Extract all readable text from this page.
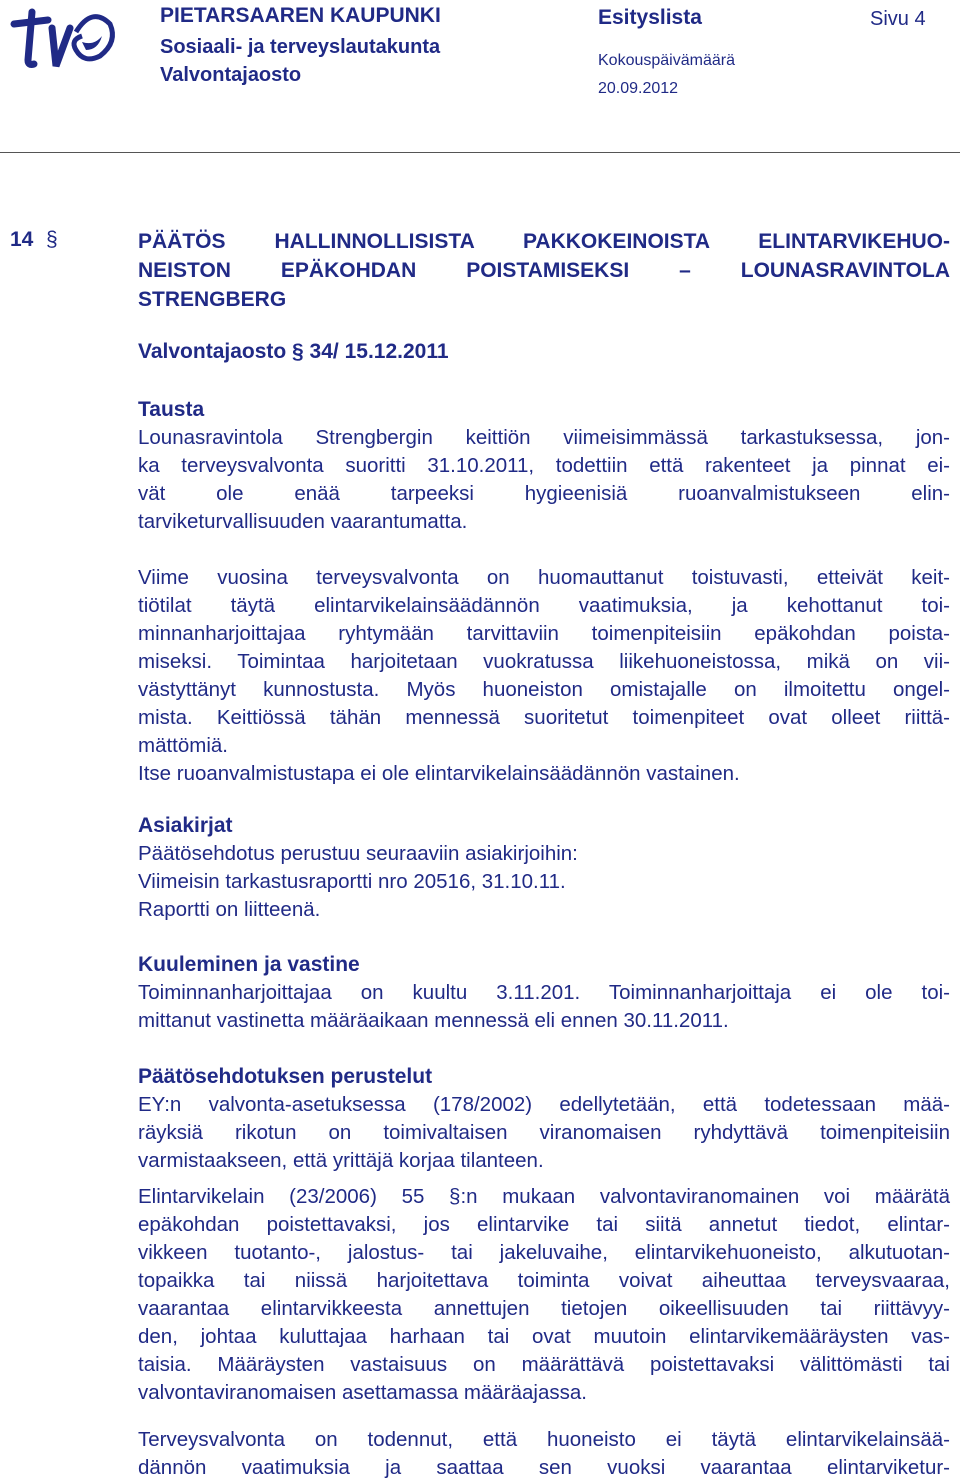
PIETARSAAREN KAUPUNKI
Sosiaali- ja terveyslautakunta
Valvontajaosto
Esityslista	Sivu 4
Kokouspäivämäärä
20.09.2012
14 §	PÄÄTÖS HALLINNOLLISISTA PAKKOKEINOISTA ELINTARVIKEHUO-
NEISTON EPÄKOHDAN POISTAMISEKSI – LOUNASRAVINTOLA
STRENGBERG
Valvontajaosto § 34/ 15.12.2011
Tausta
Lounasravintola Strengbergin keittiön viimeisimmässä tarkastuksessa, jon-
ka terveysvalvonta suoritti 31.10.2011, todettiin että rakenteet ja pinnat ei-
vät ole enää tarpeeksi hygieenisiä ruoanvalmistukseen elin-
tarviketurvallisuuden vaarantumatta.
Viime vuosina terveysvalvonta on huomauttanut toistuvasti, etteivät keit-
tiötilat täytä elintarvikelainsäädännön vaatimuksia, ja kehottanut toi-
minnanharjoittajaa ryhtymään tarvittaviin toimenpiteisiin epäkohdan poista-
miseksi. Toimintaa harjoitetaan vuokratussa liikehuoneistossa, mikä on vii-
västyttänyt kunnostusta. Myös huoneiston omistajalle on ilmoitettu ongel-
mista. Keittiössä tähän mennessä suoritetut toimenpiteet ovat olleet riittä-
mättömiä.
Itse ruoanvalmistustapa ei ole elintarvikelainsäädännön vastainen.
Asiakirjat
Päätösehdotus perustuu seuraaviin asiakirjoihin:
Viimeisin tarkastusraportti nro 20516, 31.10.11.
Raportti on liitteenä.
Kuuleminen ja vastine
Toiminnanharjoittajaa on kuultu 3.11.201. Toiminnanharjoittaja ei ole toi-
mittanut vastinetta määräaikaan mennessä eli ennen 30.11.2011.
Päätösehdotuksen perustelut
EY:n valvonta-asetuksessa (178/2002) edellytetään, että todetessaan mää-
räyksiä rikotun on toimivaltaisen viranomaisen ryhdyttävä toimenpiteisiin
varmistaakseen, että yrittäjä korjaa tilanteen.
Elintarvikelain (23/2006) 55 §:n mukaan valvontaviranomainen voi määrätä
epäkohdan poistettavaksi, jos elintarvike tai siitä annetut tiedot, elintar-
vikkeen tuotanto-, jalostus- tai jakeluvaihe, elintarvikehuoneisto, alkutuotan-
topaikka tai niissä harjoitettava toiminta voivat aiheuttaa terveysvaaraa,
vaarantaa elintarvikkeesta annettujen tietojen oikeellisuuden tai riittävyy-
den, johtaa kuluttajaa harhaan tai ovat muutoin elintarvikemääräysten vas-
taisia. Määräysten vastaisuus on määrättävä poistettavaksi välittömästi tai
valvontaviranomaisen asettamassa määräajassa.
Terveysvalvonta on todennut, että huoneisto ei täytä elintarvikelainsää-
dännön vaatimuksia ja saattaa sen vuoksi vaarantaa elintarviketur-
